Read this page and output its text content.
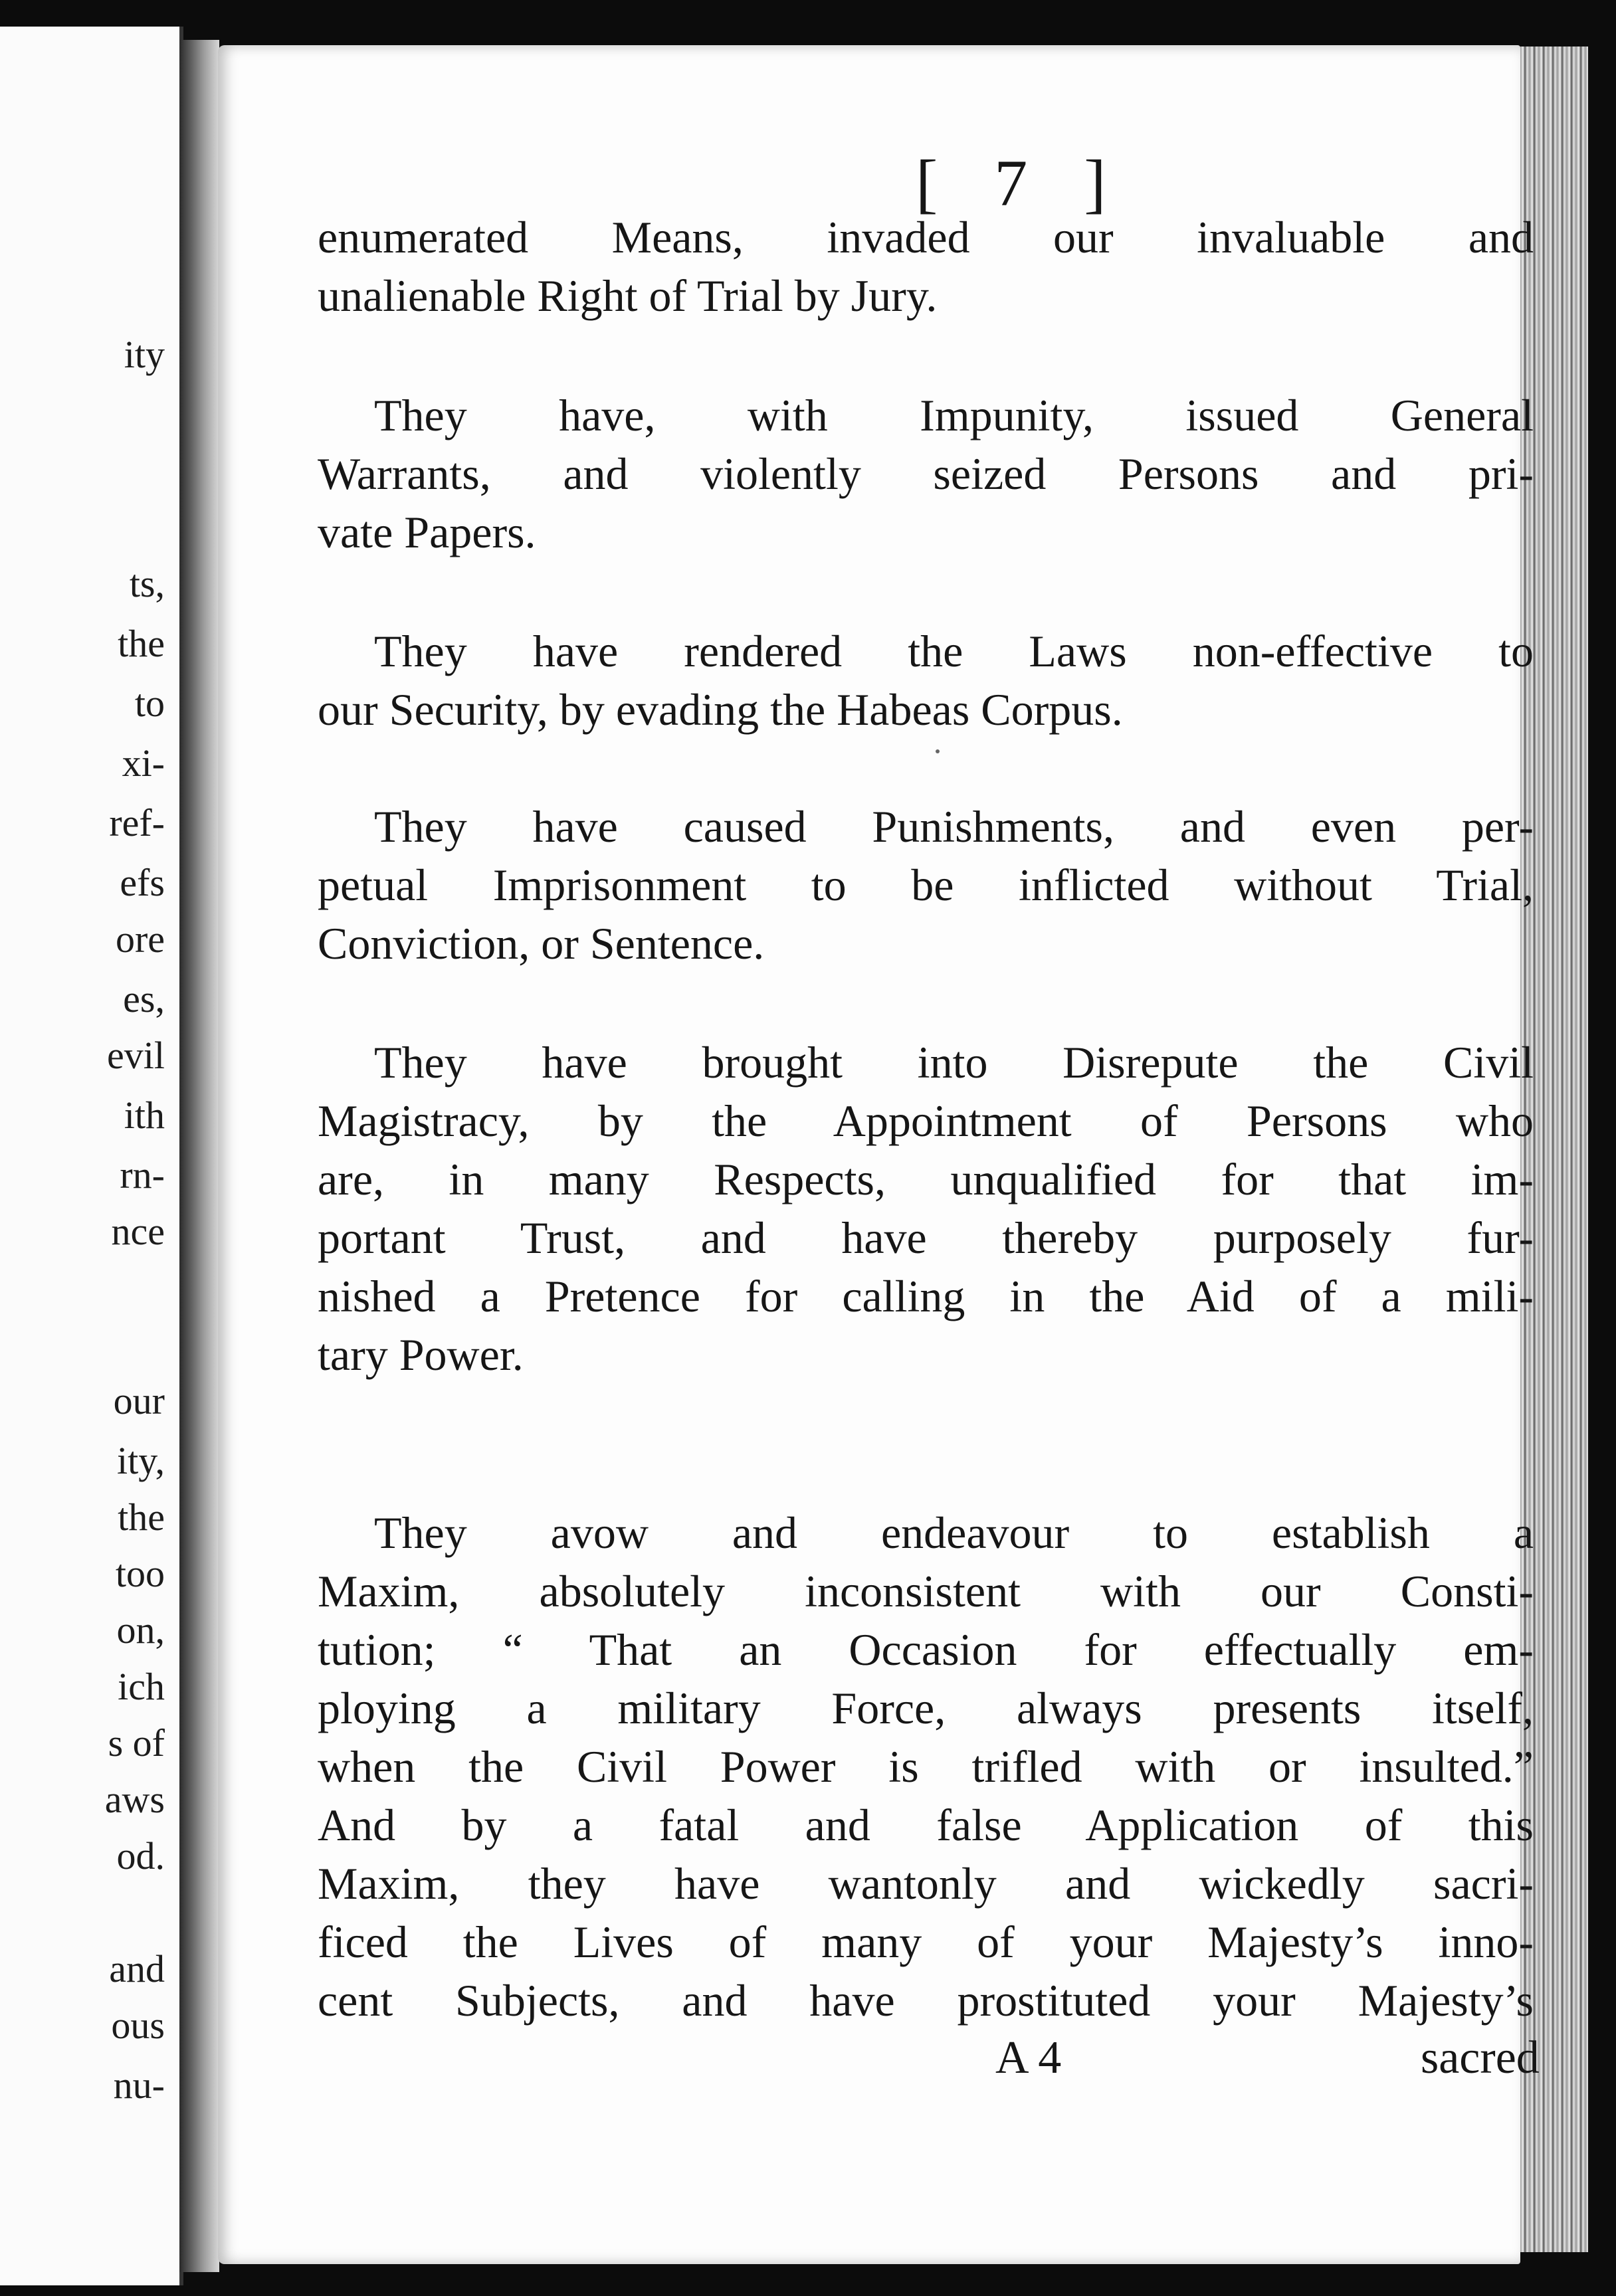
ity
ts,
the
to
xi-
ref-
efs
ore
es,
evil
ith
rn-
nce
our
ity,
the
too
on,
ich
s of
aws
od.
and
ous
nu-
[ 7 ]
enumerated Means, invaded our invaluable and
unalienable Right of Trial by Jury.
They have, with Impunity, issued General
Warrants, and violently seized Persons and pri-
vate Papers.
They have rendered the Laws non-effective to
our Security, by evading the Habeas Corpus.
They have caused Punishments, and even per-
petual Imprisonment to be inflicted without Trial,
Conviction, or Sentence.
They have brought into Disrepute the Civil
Magistracy, by the Appointment of Persons who
are, in many Respects, unqualified for that im-
portant Trust, and have thereby purposely fur-
nished a Pretence for calling in the Aid of a mili-
tary Power.
They avow and endeavour to establish a
Maxim, absolutely inconsistent with our Consti-
tution; “ That an Occasion for effectually em-
ploying a military Force, always presents itself,
when the Civil Power is trifled with or insulted.”
And by a fatal and false Application of this
Maxim, they have wantonly and wickedly sacri-
ficed the Lives of many of your Majesty’s inno-
cent Subjects, and have prostituted your Majesty’s
A 4	sacred
